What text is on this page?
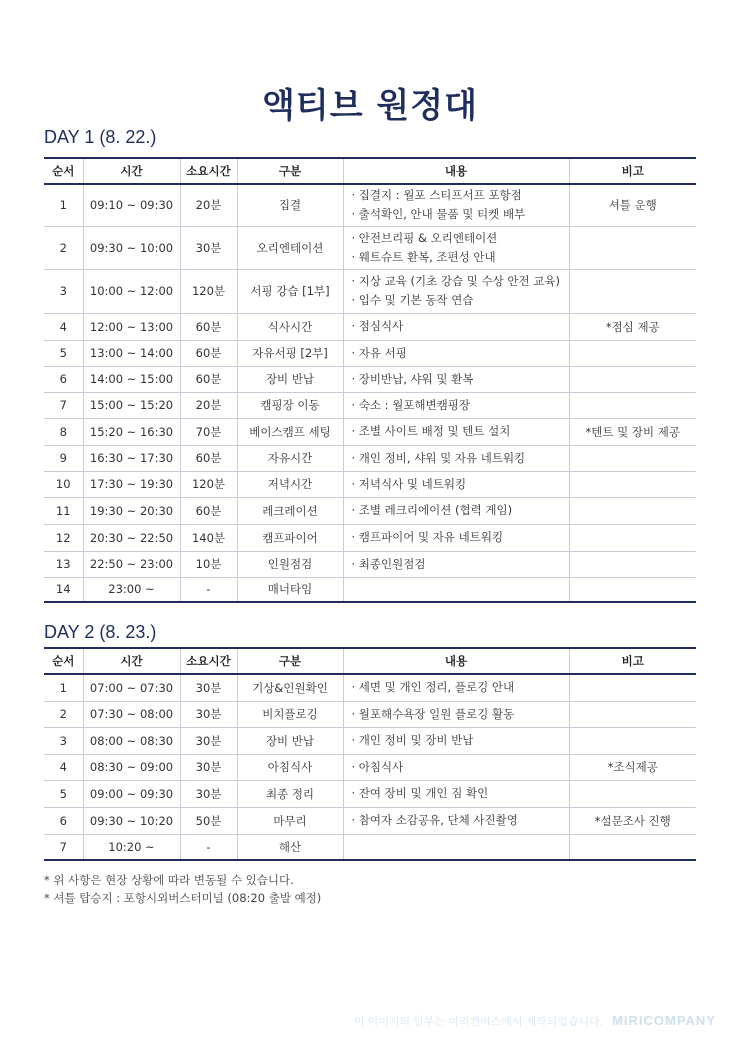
액티브 원정대
DAY 1 (8. 22.)
순서	시간	소요시간	구분	내용	비고
1	09:10 ~ 09:30	20분	집결	· 집결지 : 월포 스티프서프 포항점
· 출석확인, 안내 물품 및 티켓 배부	셔틀 운행
2	09:30 ~ 10:00	30분	오리엔테이션	· 안전브리핑 & 오리엔테이션
· 웨트슈트 환복, 조편성 안내	

3	10:00 ~ 12:00	120분	서핑 강습 [1부]	· 지상 교육 (기초 강습 및 수상 안전 교육)
· 입수 및 기본 동작 연습	

4	12:00 ~ 13:00	60분	식사시간	· 점심식사	*점심 제공
5	13:00 ~ 14:00	60분	자유서핑 [2부]	· 자유 서핑	

6	14:00 ~ 15:00	60분	장비 반납	· 장비반납, 샤워 및 환복	

7	15:00 ~ 15:20	20분	캠핑장 이동	· 숙소 : 월포해변캠핑장	

8	15:20 ~ 16:30	70분	베이스캠프 세팅	· 조별 사이트 배정 및 텐트 설치	*텐트 및 장비 제공
9	16:30 ~ 17:30	60분	자유시간	· 개인 정비, 샤워 및 자유 네트워킹	

10	17:30 ~ 19:30	120분	저녁시간	· 저녁식사 및 네트워킹	

11	19:30 ~ 20:30	60분	레크레이션	· 조별 레크리에이션 (협력 게임)	

12	20:30 ~ 22:50	140분	캠프파이어	· 캠프파이어 및 자유 네트워킹	

13	22:50 ~ 23:00	10분	인원점검	· 최종인원점검	

14	23:00 ~	-	매너타임	

DAY 2 (8. 23.)
순서	시간	소요시간	구분	내용	비고
1	07:00 ~ 07:30	30분	기상&인원확인	· 세면 및 개인 정리, 플로깅 안내	

2	07:30 ~ 08:00	30분	비치플로깅	· 월포해수욕장 일원 플로깅 활동	

3	08:00 ~ 08:30	30분	장비 반납	· 개인 정비 및 장비 반납	

4	08:30 ~ 09:00	30분	아침식사	· 아침식사	*조식제공
5	09:00 ~ 09:30	30분	최종 정리	· 잔여 장비 및 개인 짐 확인	

6	09:30 ~ 10:20	50분	마무리	· 참여자 소감공유, 단체 사진촬영	*설문조사 진행
7	10:20 ~	-	해산	

* 위 사항은 현장 상황에 따라 변동될 수 있습니다.
* 셔틀 탑승지 : 포항시외버스터미널 (08:20 출발 예정)
이 이미지의 일부는 미리캔버스에서 제작되었습니다. MIRICOMPANY
